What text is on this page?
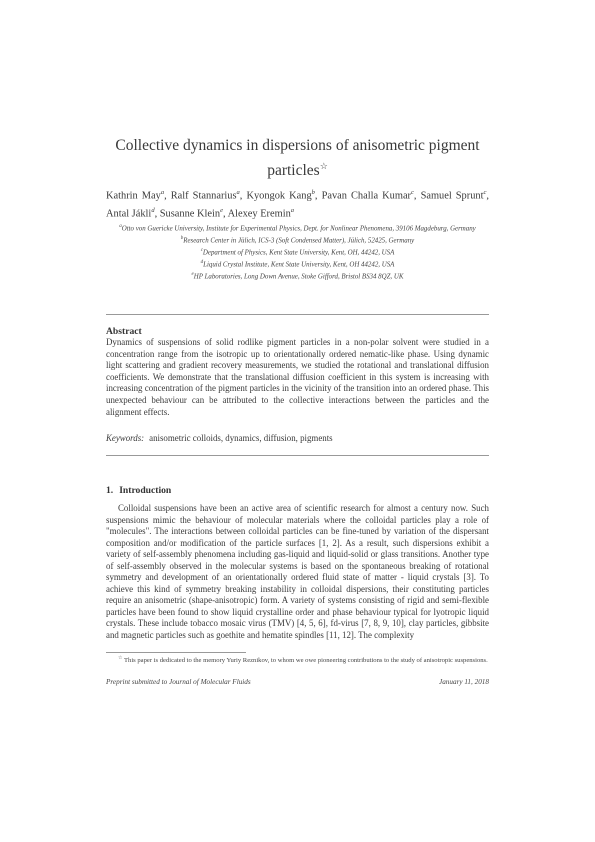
Collective dynamics in dispersions of anisometric pigment particles☆
Kathrin May$^a$, Ralf Stannarius$^a$, Kyongok Kang$^b$, Pavan Challa Kumar$^c$, Samuel Sprunt$^c$, Antal Jákli$^d$, Susanne Klein$^e$, Alexey Eremin$^a$
$^a$Otto von Guericke University, Institute for Experimental Physics, Dept. for Nonlinear Phenomena, 39106 Magdeburg, Germany
$^b$Research Center in Jülich, ICS-3 (Soft Condensed Matter), Jülich, 52425, Germany
$^c$Department of Physics, Kent State University, Kent, OH, 44242, USA
$^d$Liquid Crystal Institute, Kent State University, Kent, OH 44242, USA
$^e$HP Laboratories, Long Down Avenue, Stoke Gifford, Bristol BS34 8QZ, UK
Abstract
Dynamics of suspensions of solid rodlike pigment particles in a non-polar solvent were studied in a concentration range from the isotropic up to orientationally ordered nematic-like phase. Using dynamic light scattering and gradient recovery measurements, we studied the rotational and translational diffusion coefficients. We demonstrate that the translational diffusion coefficient in this system is increasing with increasing concentration of the pigment particles in the vicinity of the transition into an ordered phase. This unexpected behaviour can be attributed to the collective interactions between the particles and the alignment effects.
Keywords: anisometric colloids, dynamics, diffusion, pigments
1. Introduction
Colloidal suspensions have been an active area of scientific research for almost a century now. Such suspensions mimic the behaviour of molecular materials where the colloidal particles play a role of "molecules". The interactions between colloidal particles can be fine-tuned by variation of the dispersant composition and/or modification of the particle surfaces [1, 2]. As a result, such dispersions exhibit a variety of self-assembly phenomena including gas-liquid and liquid-solid or glass transitions. Another type of self-assembly observed in the molecular systems is based on the spontaneous breaking of rotational symmetry and development of an orientationally ordered fluid state of matter - liquid crystals [3]. To achieve this kind of symmetry breaking instability in colloidal dispersions, their constituting particles require an anisometric (shape-anisotropic) form. A variety of systems consisting of rigid and semi-flexible particles have been found to show liquid crystalline order and phase behaviour typical for lyotropic liquid crystals. These include tobacco mosaic virus (TMV) [4, 5, 6], fd-virus [7, 8, 9, 10], clay particles, gibbsite and magnetic particles such as goethite and hematite spindles [11, 12]. The complexity
☆ This paper is dedicated to the memory Yuriy Reznikov, to whom we owe pioneering contributions to the study of anisotropic suspensions.
Preprint submitted to Journal of Molecular Fluids	January 11, 2018
